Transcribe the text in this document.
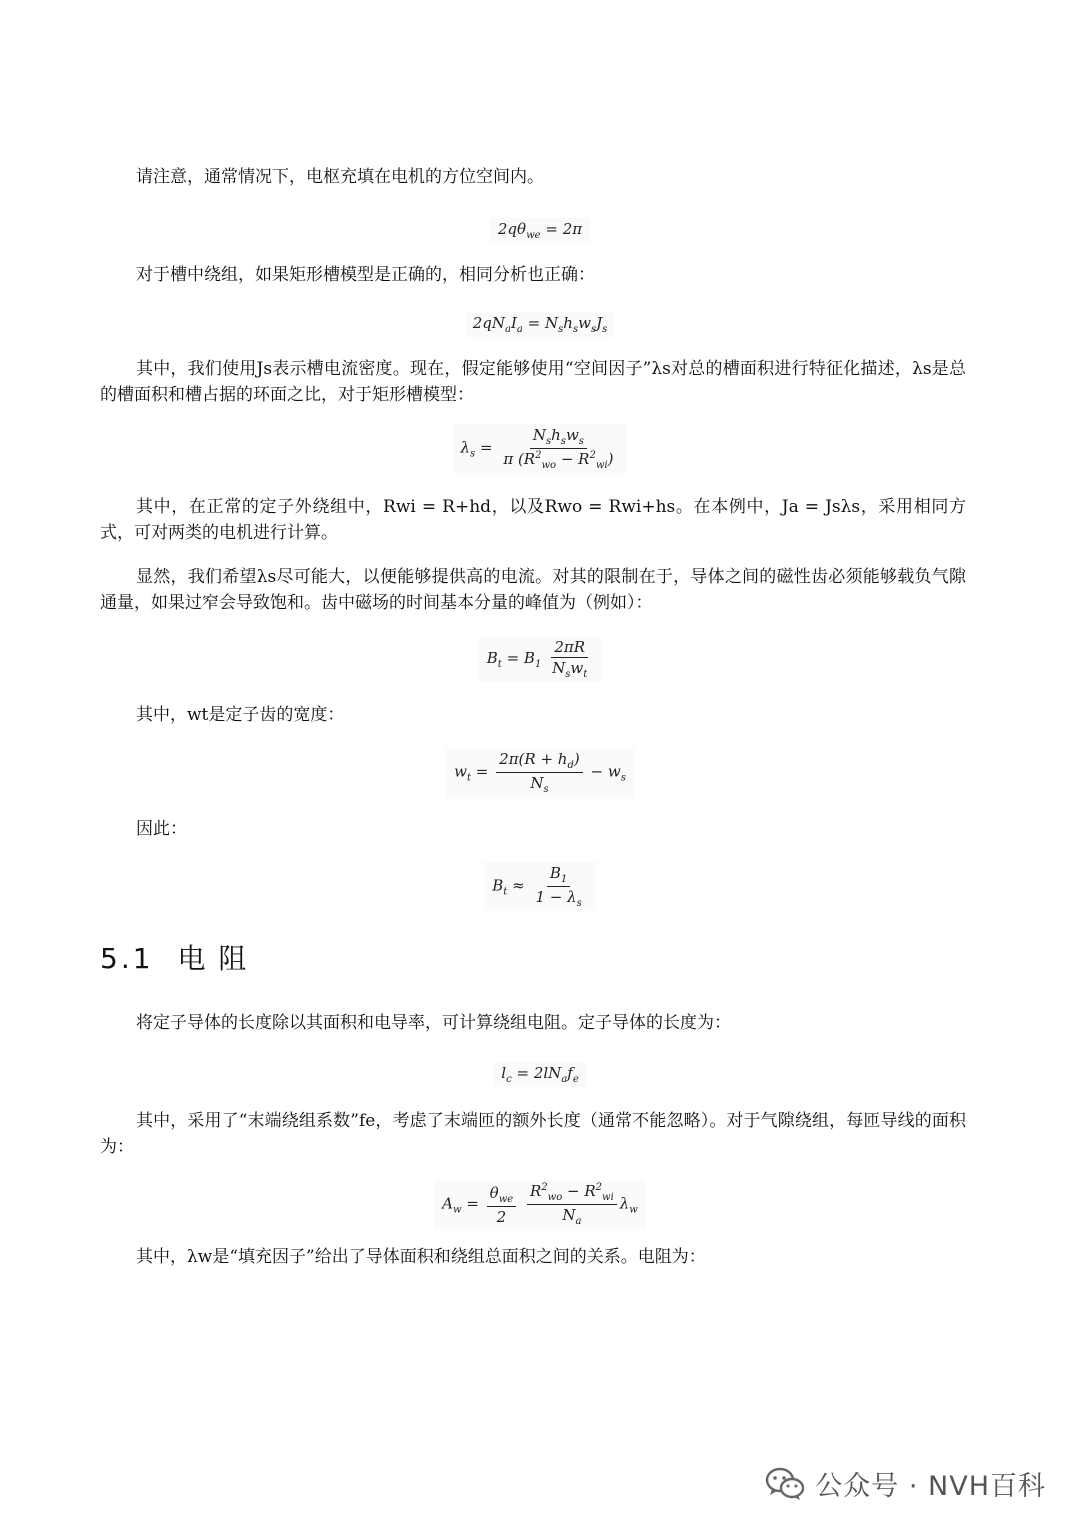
请注意，通常情况下，电枢充填在电机的方位空间内。

$2q\theta_{we} = 2\pi$

对于槽中绕组，如果矩形槽模型是正确的，相同分析也正确：

$2qN_aI_a = N_sh_sw_sJ_s$

其中，我们使用Js表示槽电流密度。现在，假定能够使用“空间因子”λs对总的槽面积进行特征化描述，λs是总的槽面积和槽占据的环面之比，对于矩形槽模型：

$\lambda_s = \frac{N_sh_sw_s}{\pi (R^2_{wo} - R^2_{wi})}$

其中，在正常的定子外绕组中，Rwi = R+hd，以及Rwo = Rwi+hs。在本例中，Ja = Jsλs，采用相同方式，可对两类的电机进行计算。

显然，我们希望λs尽可能大，以便能够提供高的电流。对其的限制在于，导体之间的磁性齿必须能够载负气隙通量，如果过窄会导致饱和。齿中磁场的时间基本分量的峰值为（例如）：

$B_t = B_1 \frac{2\pi R}{N_sw_t}$

其中，wt是定子齿的宽度：

$w_t = \frac{2\pi(R + h_d)}{N_s} - w_s$

因此：

$B_t \approx \frac{B_1}{1 - \lambda_s}$
5.1 电 阻

将定子导体的长度除以其面积和电导率，可计算绕组电阻。定子导体的长度为：

$l_c = 2lN_af_e$

其中，采用了“末端绕组系数”fe，考虑了末端匝的额外长度（通常不能忽略）。对于气隙绕组，每匝导线的面积为：

$A_w = \frac{\theta_{we}}{2}$
$\frac{R^2_{wo} - R^2_{wi}}{N_a} \lambda_w$

其中，λw是“填充因子”给出了导体面积和绕组总面积之间的关系。电阻为：

公众号 · NVH百科
